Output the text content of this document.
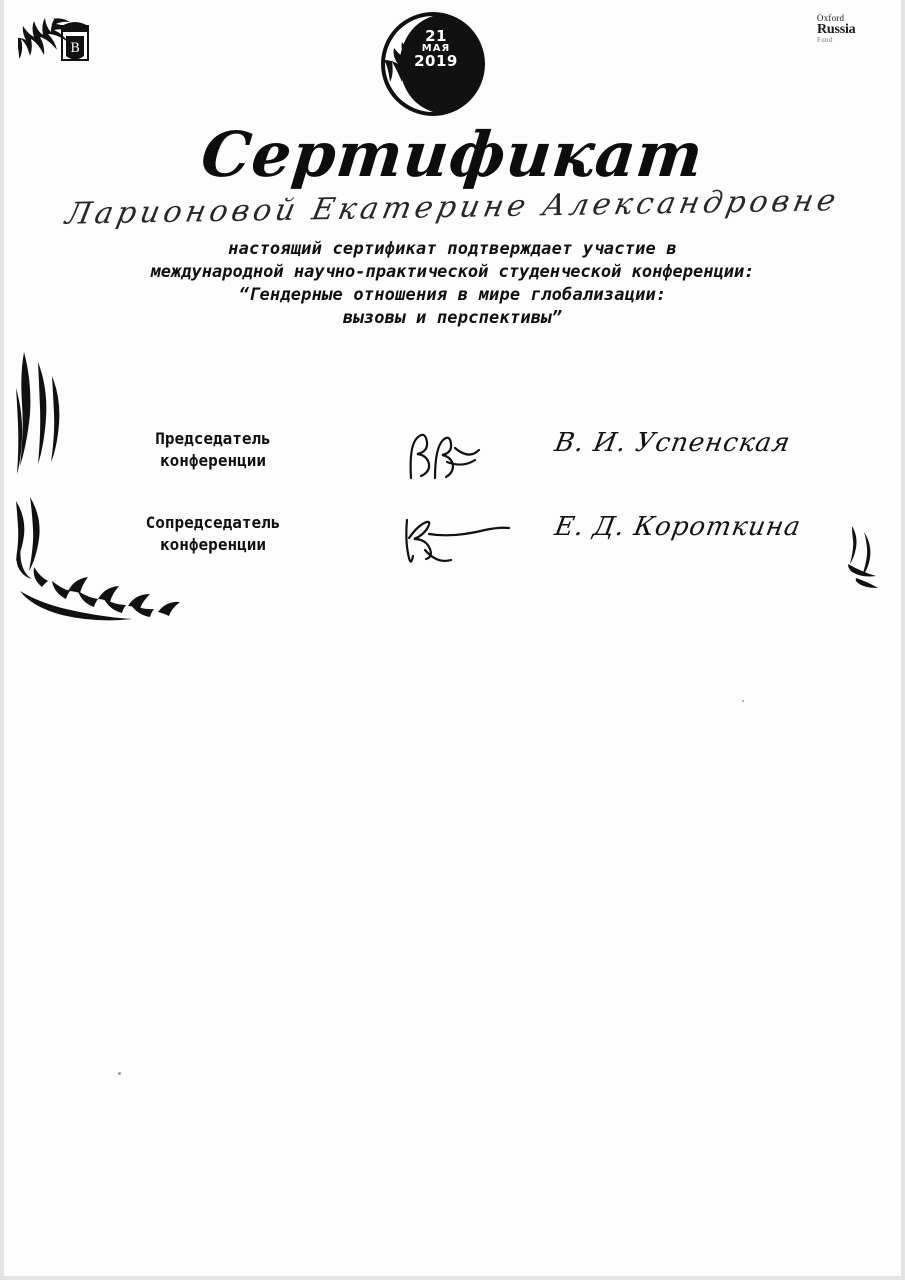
В
21
МАЯ
2019
Oxford
Russia
Fund
Сертификат
Ларионовой Екатерине Александровне
настоящий сертификат подтверждает участие в
международной научно-практической студенческой конференции:
“Гендерные отношения в мире глобализации:
вызовы и перспективы”
Председатель
конференции
В. И. Успенская
Сопредседатель
конференции
Е. Д. Короткина
